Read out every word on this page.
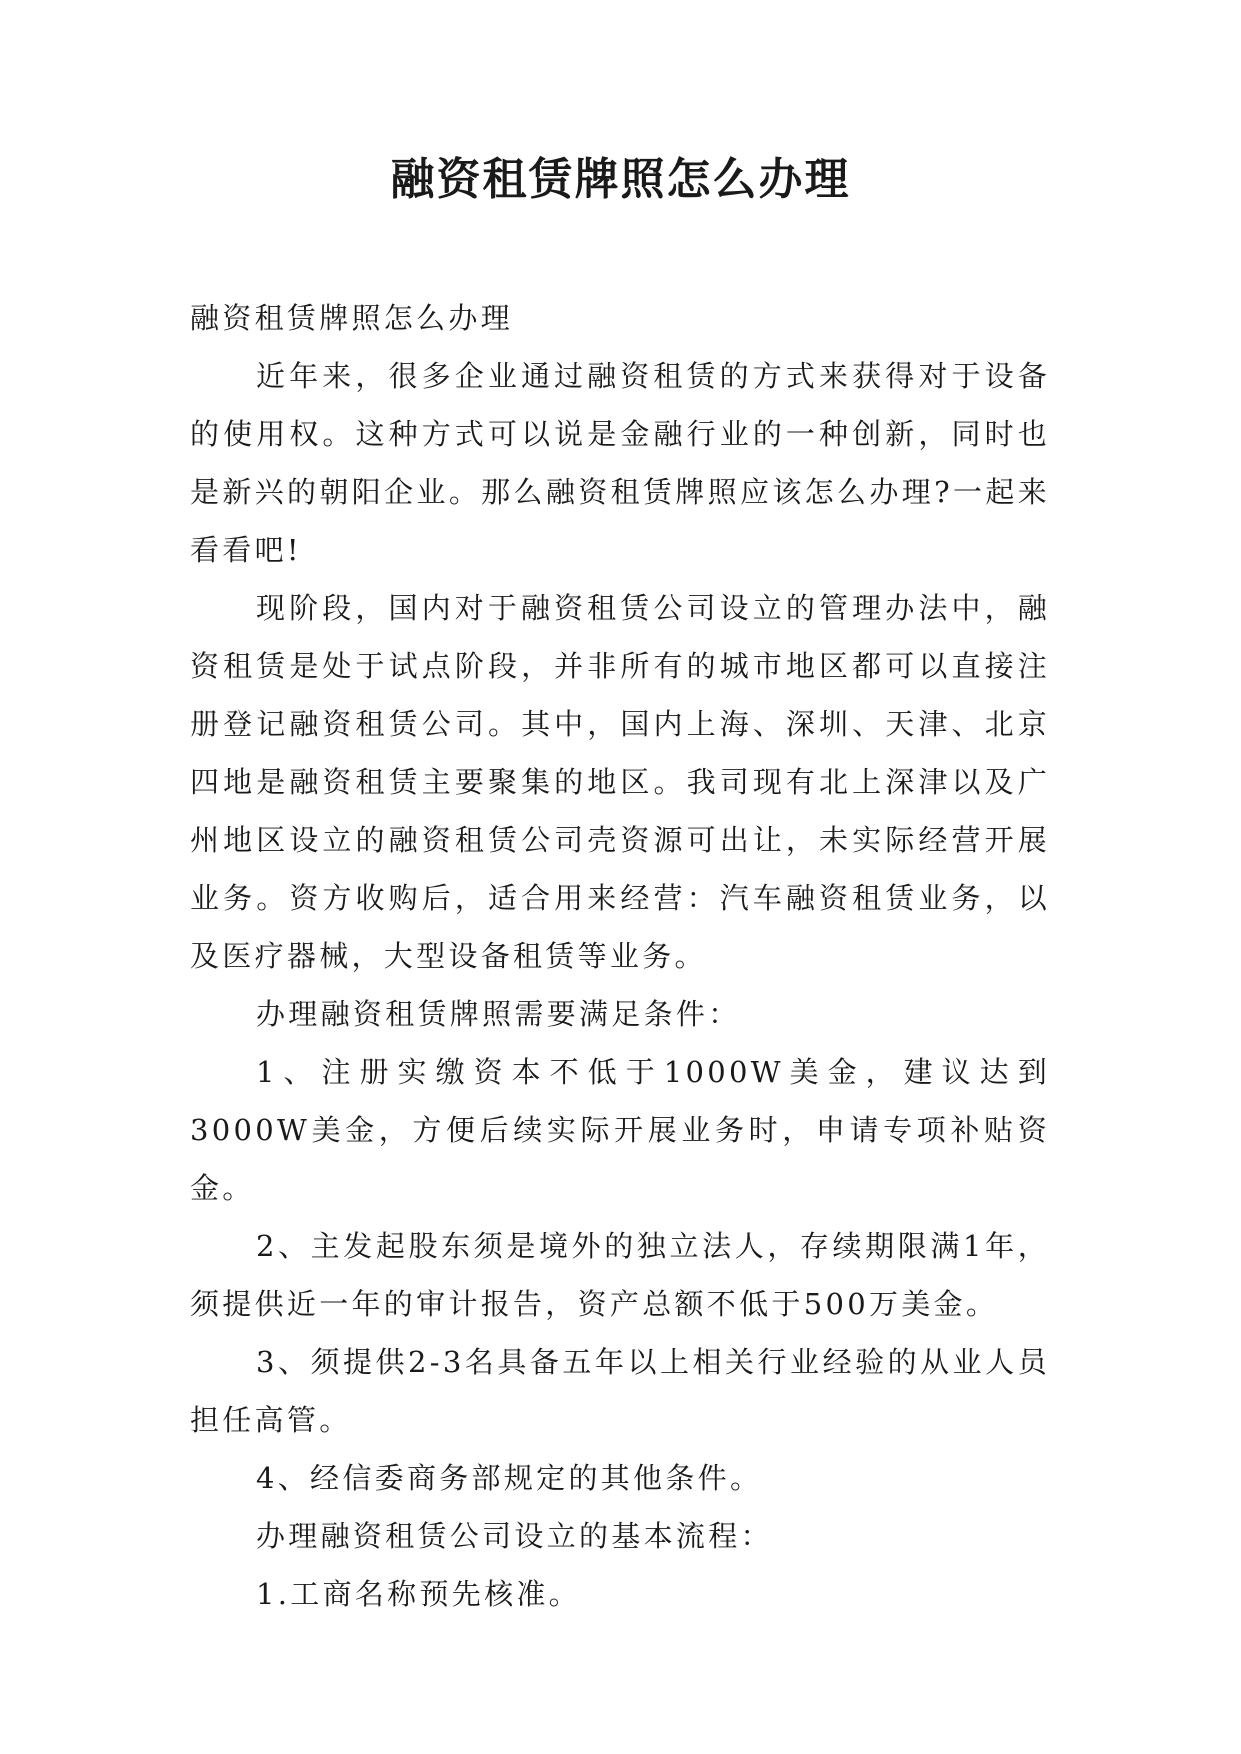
融资租赁牌照怎么办理

融资租赁牌照怎么办理

近年来，很多企业通过融资租赁的方式来获得对于设备的使用权。这种方式可以说是金融行业的一种创新，同时也是新兴的朝阳企业。那么融资租赁牌照应该怎么办理?一起来看看吧!

现阶段，国内对于融资租赁公司设立的管理办法中，融资租赁是处于试点阶段，并非所有的城市地区都可以直接注册登记融资租赁公司。其中，国内上海、深圳、天津、北京四地是融资租赁主要聚集的地区。我司现有北上深津以及广州地区设立的融资租赁公司壳资源可出让，未实际经营开展业务。资方收购后，适合用来经营：汽车融资租赁业务，以及医疗器械，大型设备租赁等业务。

办理融资租赁牌照需要满足条件：

1、注册实缴资本不低于1000W美金，建议达到3000W美金，方便后续实际开展业务时，申请专项补贴资金。

2、主发起股东须是境外的独立法人，存续期限满1年，须提供近一年的审计报告，资产总额不低于500万美金。

3、须提供2-3名具备五年以上相关行业经验的从业人员担任高管。

4、经信委商务部规定的其他条件。

办理融资租赁公司设立的基本流程：

1.工商名称预先核准。
